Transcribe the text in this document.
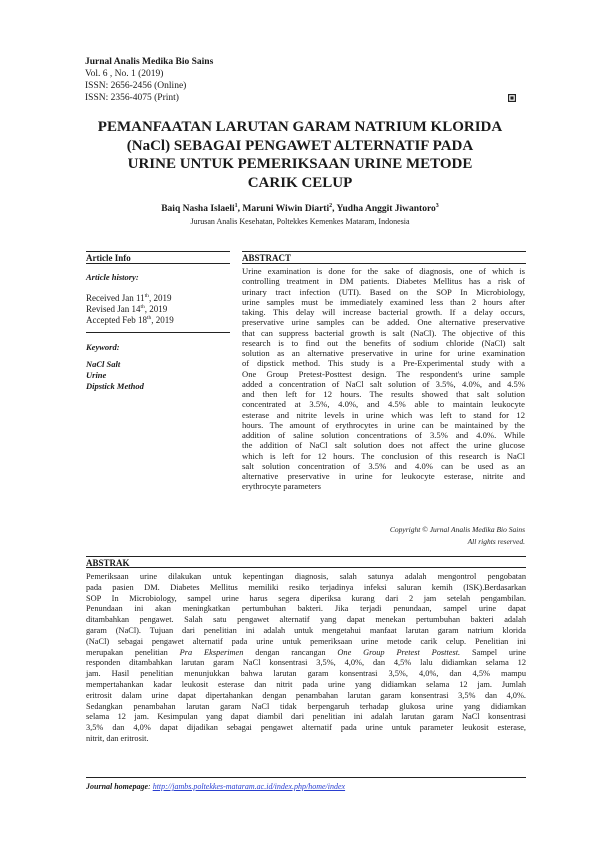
Jurnal Analis Medika Bio Sains
Vol. 6 , No. 1 (2019)
ISSN: 2656-2456 (Online)
ISSN: 2356-4075 (Print)
PEMANFAATAN LARUTAN GARAM NATRIUM KLORIDA
(NaCl) SEBAGAI PENGAWET ALTERNATIF PADA
URINE UNTUK PEMERIKSAAN URINE METODE
CARIK CELUP
Baiq Nasha Islaeli$^1$, Maruni Wiwin Diarti$^2$, Yudha Anggit Jiwantoro$^3$
Jurusan Analis Kesehatan, Poltekkes Kemenkes Mataram, Indonesia
Article Info
Article history:
Received Jan 11th, 2019
Revised Jan 14th, 2019
Accepted Feb 18th, 2019
Keyword:
NaCl Salt
Urine
Dipstick Method
ABSTRACT
Urine examination is done for the sake of diagnosis, one of which is
controlling treatment in DM patients. Diabetes Mellitus has a risk of
urinary tract infection (UTI). Based on the SOP In Microbiology,
urine samples must be immediately examined less than 2 hours after
taking. This delay will increase bacterial growth. If a delay occurs,
preservative urine samples can be added. One alternative preservative
that can suppress bacterial growth is salt (NaCl). The objective of this
research is to find out the benefits of sodium chloride (NaCl) salt
solution as an alternative preservative in urine for urine examination
of dipstick method. This study is a Pre-Experimental study with a
One Group Pretest-Posttest design. The respondent's urine sample
added a concentration of NaCl salt solution of 3.5%, 4.0%, and 4.5%
and then left for 12 hours. The results showed that salt solution
concentrated at 3.5%, 4.0%, and 4.5% able to maintain leukocyte
esterase and nitrite levels in urine which was left to stand for 12
hours. The amount of erythrocytes in urine can be maintained by the
addition of saline solution concentrations of 3.5% and 4.0%. While
the addition of NaCl salt solution does not affect the urine glucose
which is left for 12 hours. The conclusion of this research is NaCl
salt solution concentration of 3.5% and 4.0% can be used as an
alternative preservative in urine for leukocyte esterase, nitrite and
erythrocyte parameters
Copyright © Jurnal Analis Medika Bio Sains
All rights reserved.
ABSTRAK
Pemeriksaan urine dilakukan untuk kepentingan diagnosis, salah satunya adalah mengontrol pengobatan
pada pasien DM. Diabetes Mellitus memiliki resiko terjadinya infeksi saluran kemih (ISK).Berdasarkan
SOP In Microbiology, sampel urine harus segera diperiksa kurang dari 2 jam setelah pengambilan.
Penundaan ini akan meningkatkan pertumbuhan bakteri. Jika terjadi penundaan, sampel urine dapat
ditambahkan pengawet. Salah satu pengawet alternatif yang dapat menekan pertumbuhan bakteri adalah
garam (NaCl). Tujuan dari penelitian ini adalah untuk mengetahui manfaat larutan garam natrium klorida
(NaCl) sebagai pengawet alternatif pada urine untuk pemeriksaan urine metode carik celup. Penelitian ini
merupakan penelitian Pra Eksperimen dengan rancangan One Group Pretest Posttest. Sampel urine
responden ditambahkan larutan garam NaCl konsentrasi 3,5%, 4,0%, dan 4,5% lalu didiamkan selama 12
jam. Hasil penelitian menunjukkan bahwa larutan garam konsentrasi 3,5%, 4,0%, dan 4,5% mampu
mempertahankan kadar leukosit esterase dan nitrit pada urine yang didiamkan selama 12 jam. Jumlah
eritrosit dalam urine dapat dipertahankan dengan penambahan larutan garam konsentrasi 3,5% dan 4,0%.
Sedangkan penambahan larutan garam NaCl tidak berpengaruh terhadap glukosa urine yang didiamkan
selama 12 jam. Kesimpulan yang dapat diambil dari penelitian ini adalah larutan garam NaCl konsentrasi
3,5% dan 4,0% dapat dijadikan sebagai pengawet alternatif pada urine untuk parameter leukosit esterase,
nitrit, dan eritrosit.
Journal homepage: http://jambs.poltekkes-mataram.ac.id/index.php/home/index
